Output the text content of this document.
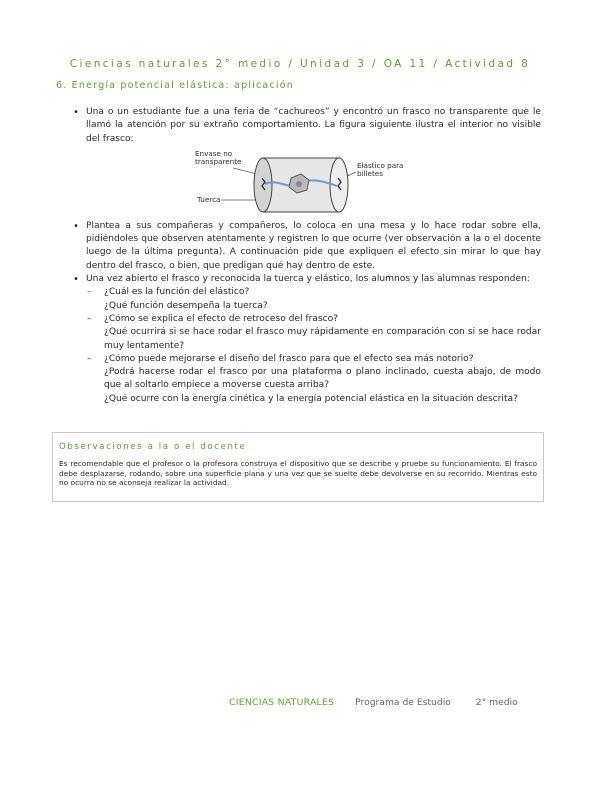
Ciencias naturales 2° medio / Unidad 3 / OA 11 / Actividad 8
6. Energía potencial elástica: aplicación
• Una o un estudiante fue a una feria de “cachureos” y encontró un frasco no transparente que le llamó la atención por su extraño comportamiento. La figura siguiente ilustra el interior no visible del frasco:
Envase no transparente	Elástico para billetes
Tuerca
• Plantea a sus compañeras y compañeros, lo coloca en una mesa y lo hace rodar sobre ella, pidiéndoles que observen atentamente y registren lo que ocurre (ver observación a la o el docente luego de la última pregunta). A continuación pide que expliquen el efecto sin mirar lo que hay dentro del frasco, o bien, que predigan qué hay dentro de este.
• Una vez abierto el frasco y reconocida la tuerca y elástico, los alumnos y las alumnas responden:
– ¿Cuál es la función del elástico?
¿Qué función desempeña la tuerca?
– ¿Cómo se explica el efecto de retroceso del frasco?
¿Qué ocurrirá si se hace rodar el frasco muy rápidamente en comparación con si se hace rodar muy lentamente?
– ¿Cómo puede mejorarse el diseño del frasco para que el efecto sea más notorio?
¿Podrá hacerse rodar el frasco por una plataforma o plano inclinado, cuesta abajo, de modo que al soltarlo empiece a moverse cuesta arriba?
¿Qué ocurre con la energía cinética y la energía potencial elástica en la situación descrita?
Observaciones a la o el docente
Es recomendable que el profesor o la profesora construya el dispositivo que se describe y pruebe su funcionamiento. El frasco debe desplazarse, rodando, sobre una superficie plana y una vez que se suelte debe devolverse en su recorrido. Mientras esto no ocurra no se aconseja realizar la actividad.
CIENCIAS NATURALES Programa de Estudio	2° medio
